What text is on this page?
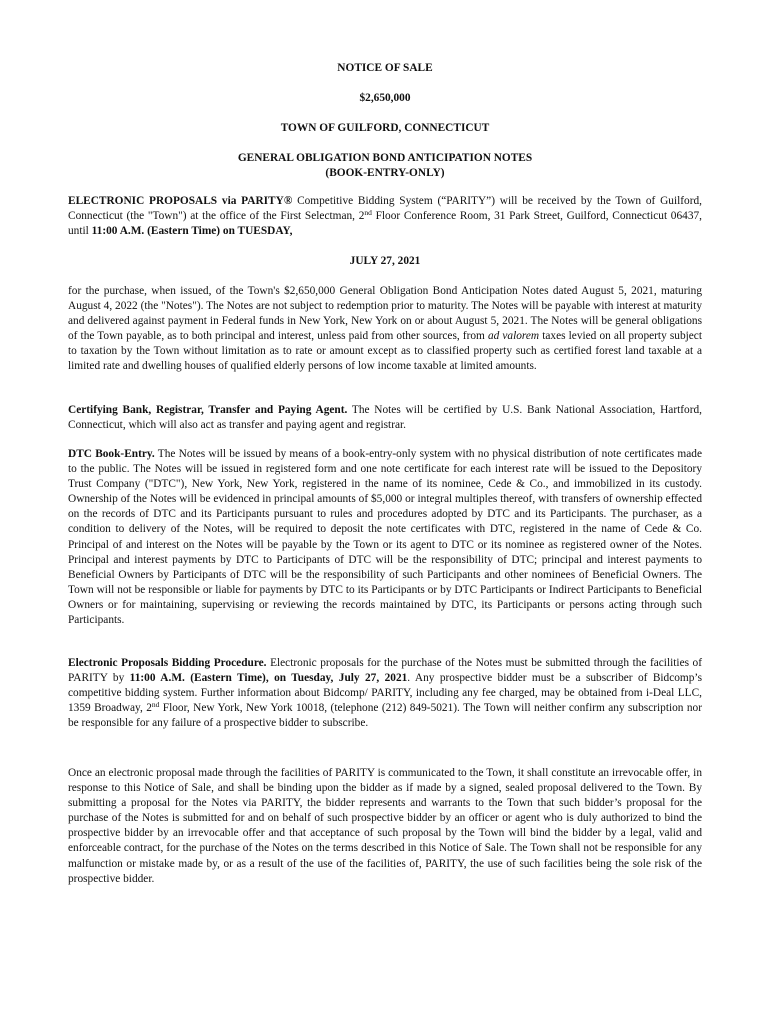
NOTICE OF SALE
$2,650,000
TOWN OF GUILFORD, CONNECTICUT
GENERAL OBLIGATION BOND ANTICIPATION NOTES
(BOOK-ENTRY-ONLY)
ELECTRONIC PROPOSALS via PARITY® Competitive Bidding System (“PARITY”) will be received by the Town of Guilford, Connecticut (the "Town") at the office of the First Selectman, 2nd Floor Conference Room, 31 Park Street, Guilford, Connecticut 06437, until 11:00 A.M. (Eastern Time) on TUESDAY,
JULY 27, 2021
for the purchase, when issued, of the Town's $2,650,000 General Obligation Bond Anticipation Notes dated August 5, 2021, maturing August 4, 2022 (the "Notes"). The Notes are not subject to redemption prior to maturity. The Notes will be payable with interest at maturity and delivered against payment in Federal funds in New York, New York on or about August 5, 2021. The Notes will be general obligations of the Town payable, as to both principal and interest, unless paid from other sources, from ad valorem taxes levied on all property subject to taxation by the Town without limitation as to rate or amount except as to classified property such as certified forest land taxable at a limited rate and dwelling houses of qualified elderly persons of low income taxable at limited amounts.
Certifying Bank, Registrar, Transfer and Paying Agent. The Notes will be certified by U.S. Bank National Association, Hartford, Connecticut, which will also act as transfer and paying agent and registrar.
DTC Book-Entry. The Notes will be issued by means of a book-entry-only system with no physical distribution of note certificates made to the public. The Notes will be issued in registered form and one note certificate for each interest rate will be issued to the Depository Trust Company ("DTC"), New York, New York, registered in the name of its nominee, Cede & Co., and immobilized in its custody. Ownership of the Notes will be evidenced in principal amounts of $5,000 or integral multiples thereof, with transfers of ownership effected on the records of DTC and its Participants pursuant to rules and procedures adopted by DTC and its Participants. The purchaser, as a condition to delivery of the Notes, will be required to deposit the note certificates with DTC, registered in the name of Cede & Co. Principal of and interest on the Notes will be payable by the Town or its agent to DTC or its nominee as registered owner of the Notes. Principal and interest payments by DTC to Participants of DTC will be the responsibility of DTC; principal and interest payments to Beneficial Owners by Participants of DTC will be the responsibility of such Participants and other nominees of Beneficial Owners. The Town will not be responsible or liable for payments by DTC to its Participants or by DTC Participants or Indirect Participants to Beneficial Owners or for maintaining, supervising or reviewing the records maintained by DTC, its Participants or persons acting through such Participants.
Electronic Proposals Bidding Procedure. Electronic proposals for the purchase of the Notes must be submitted through the facilities of PARITY by 11:00 A.M. (Eastern Time), on Tuesday, July 27, 2021. Any prospective bidder must be a subscriber of Bidcomp’s competitive bidding system. Further information about Bidcomp/ PARITY, including any fee charged, may be obtained from i-Deal LLC, 1359 Broadway, 2nd Floor, New York, New York 10018, (telephone (212) 849-5021). The Town will neither confirm any subscription nor be responsible for any failure of a prospective bidder to subscribe.
Once an electronic proposal made through the facilities of PARITY is communicated to the Town, it shall constitute an irrevocable offer, in response to this Notice of Sale, and shall be binding upon the bidder as if made by a signed, sealed proposal delivered to the Town. By submitting a proposal for the Notes via PARITY, the bidder represents and warrants to the Town that such bidder’s proposal for the purchase of the Notes is submitted for and on behalf of such prospective bidder by an officer or agent who is duly authorized to bind the prospective bidder by an irrevocable offer and that acceptance of such proposal by the Town will bind the bidder by a legal, valid and enforceable contract, for the purchase of the Notes on the terms described in this Notice of Sale. The Town shall not be responsible for any malfunction or mistake made by, or as a result of the use of the facilities of, PARITY, the use of such facilities being the sole risk of the prospective bidder.
